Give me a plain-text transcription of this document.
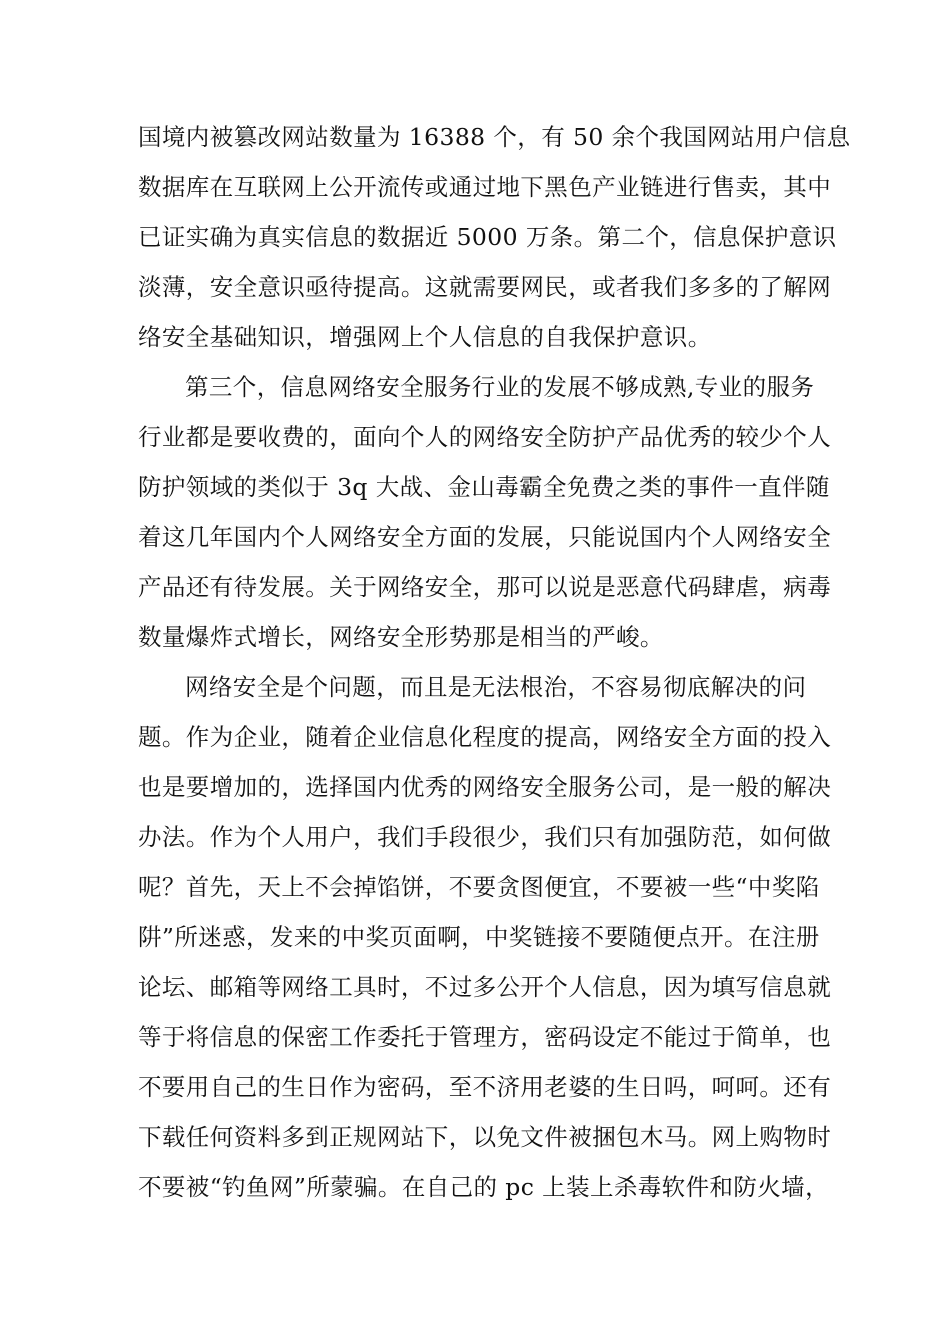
国境内被篡改网站数量为 16388 个，有 50 余个我国网站用户信息
数据库在互联网上公开流传或通过地下黑色产业链进行售卖，其中
已证实确为真实信息的数据近 5000 万条。第二个，信息保护意识
淡薄，安全意识亟待提高。这就需要网民，或者我们多多的了解网
络安全基础知识，增强网上个人信息的自我保护意识。
第三个，信息网络安全服务行业的发展不够成熟,专业的服务
行业都是要收费的，面向个人的网络安全防护产品优秀的较少个人
防护领域的类似于 3q 大战、金山毒霸全免费之类的事件一直伴随
着这几年国内个人网络安全方面的发展，只能说国内个人网络安全
产品还有待发展。关于网络安全，那可以说是恶意代码肆虐，病毒
数量爆炸式增长，网络安全形势那是相当的严峻。
网络安全是个问题，而且是无法根治，不容易彻底解决的问
题。作为企业，随着企业信息化程度的提高，网络安全方面的投入
也是要增加的，选择国内优秀的网络安全服务公司，是一般的解决
办法。作为个人用户，我们手段很少，我们只有加强防范，如何做
呢？首先，天上不会掉馅饼，不要贪图便宜，不要被一些“中奖陷
阱”所迷惑，发来的中奖页面啊，中奖链接不要随便点开。在注册
论坛、邮箱等网络工具时，不过多公开个人信息，因为填写信息就
等于将信息的保密工作委托于管理方，密码设定不能过于简单，也
不要用自己的生日作为密码，至不济用老婆的生日吗，呵呵。还有
下载任何资料多到正规网站下，以免文件被捆包木马。网上购物时
不要被“钓鱼网”所蒙骗。在自己的 pc 上装上杀毒软件和防火墙，
